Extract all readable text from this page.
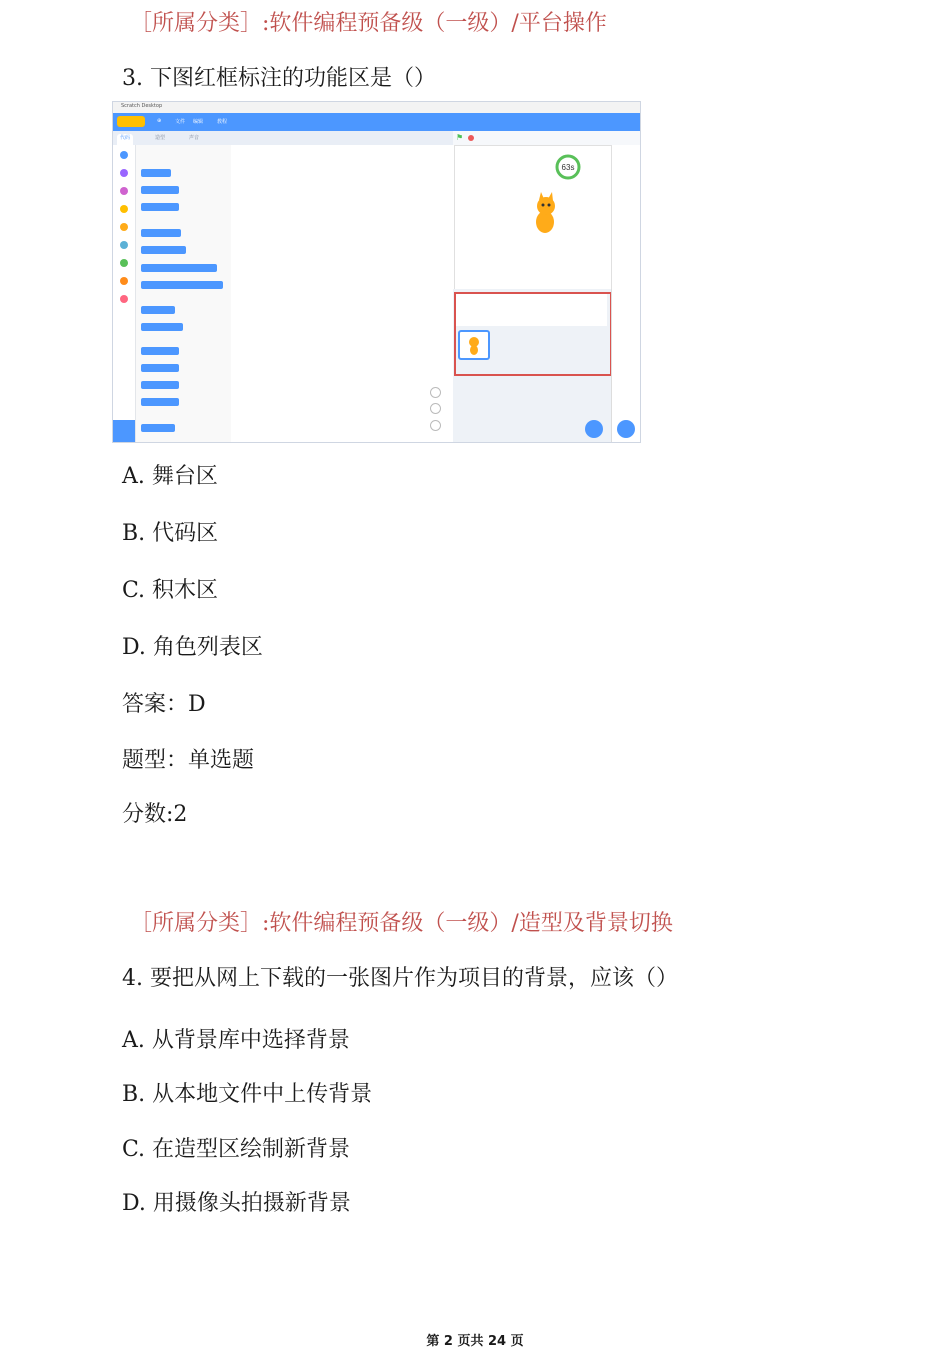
［所属分类］:软件编程预备级（一级）/平台操作
3. 下图红框标注的功能区是（）
Scratch Desktop
⊕	文件 编辑	教程
代码	造型	声音	⚑
63s
A. 舞台区
B. 代码区
C. 积木区
D. 角色列表区
答案：D
题型：单选题
分数:2
［所属分类］:软件编程预备级（一级）/造型及背景切换
4. 要把从网上下载的一张图片作为项目的背景，应该（）
A. 从背景库中选择背景
B. 从本地文件中上传背景
C. 在造型区绘制新背景
D. 用摄像头拍摄新背景
第 2 页共 24 页
